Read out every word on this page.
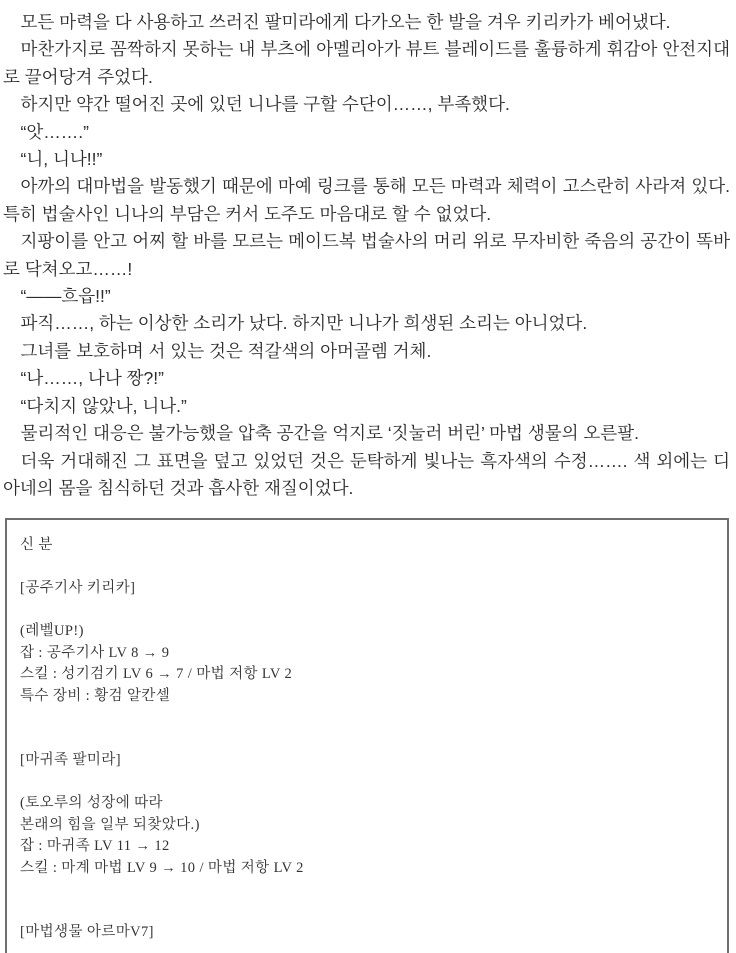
모든 마력을 다 사용하고 쓰러진 팔미라에게 다가오는 한 발을 겨우 키리카가 베어냈다.

마찬가지로 꼼짝하지 못하는 내 부츠에 아멜리아가 뷰트 블레이드를 훌륭하게 휘감아 안전지대로 끌어당겨 주었다.

하지만 약간 떨어진 곳에 있던 니나를 구할 수단이……, 부족했다.

“앗…….”

“니, 니나!!”

아까의 대마법을 발동했기 때문에 마예 링크를 통해 모든 마력과 체력이 고스란히 사라져 있다. 특히 법술사인 니나의 부담은 커서 도주도 마음대로 할 수 없었다.

지팡이를 안고 어찌 할 바를 모르는 메이드복 법술사의 머리 위로 무자비한 죽음의 공간이 똑바로 닥쳐오고……!

“——흐읍!!”

파직……, 하는 이상한 소리가 났다. 하지만 니나가 희생된 소리는 아니었다.

그녀를 보호하며 서 있는 것은 적갈색의 아머골렘 거체.

“나……, 나나 짱?!”

“다치지 않았나, 니나.”

물리적인 대응은 불가능했을 압축 공간을 억지로 ‘짓눌러 버린’ 마법 생물의 오른팔.

더욱 거대해진 그 표면을 덮고 있었던 것은 둔탁하게 빛나는 흑자색의 수정……. 색 외에는 디아네의 몸을 침식하던 것과 흡사한 재질이었다.

신 분
[공주기사 키리카]
(레벨UP!)
잡 : 공주기사 LV 8 → 9
스킬 : 성기검기 LV 6 → 7 / 마법 저항 LV 2
특수 장비 : 황검 알칸셀
[마귀족 팔미라]
(토오루의 성장에 따라
본래의 힘을 일부 되찾았다.)
잡 : 마귀족 LV 11 → 12
스킬 : 마계 마법 LV 9 → 10 / 마법 저항 LV 2
[마법생물 아르마V7]
